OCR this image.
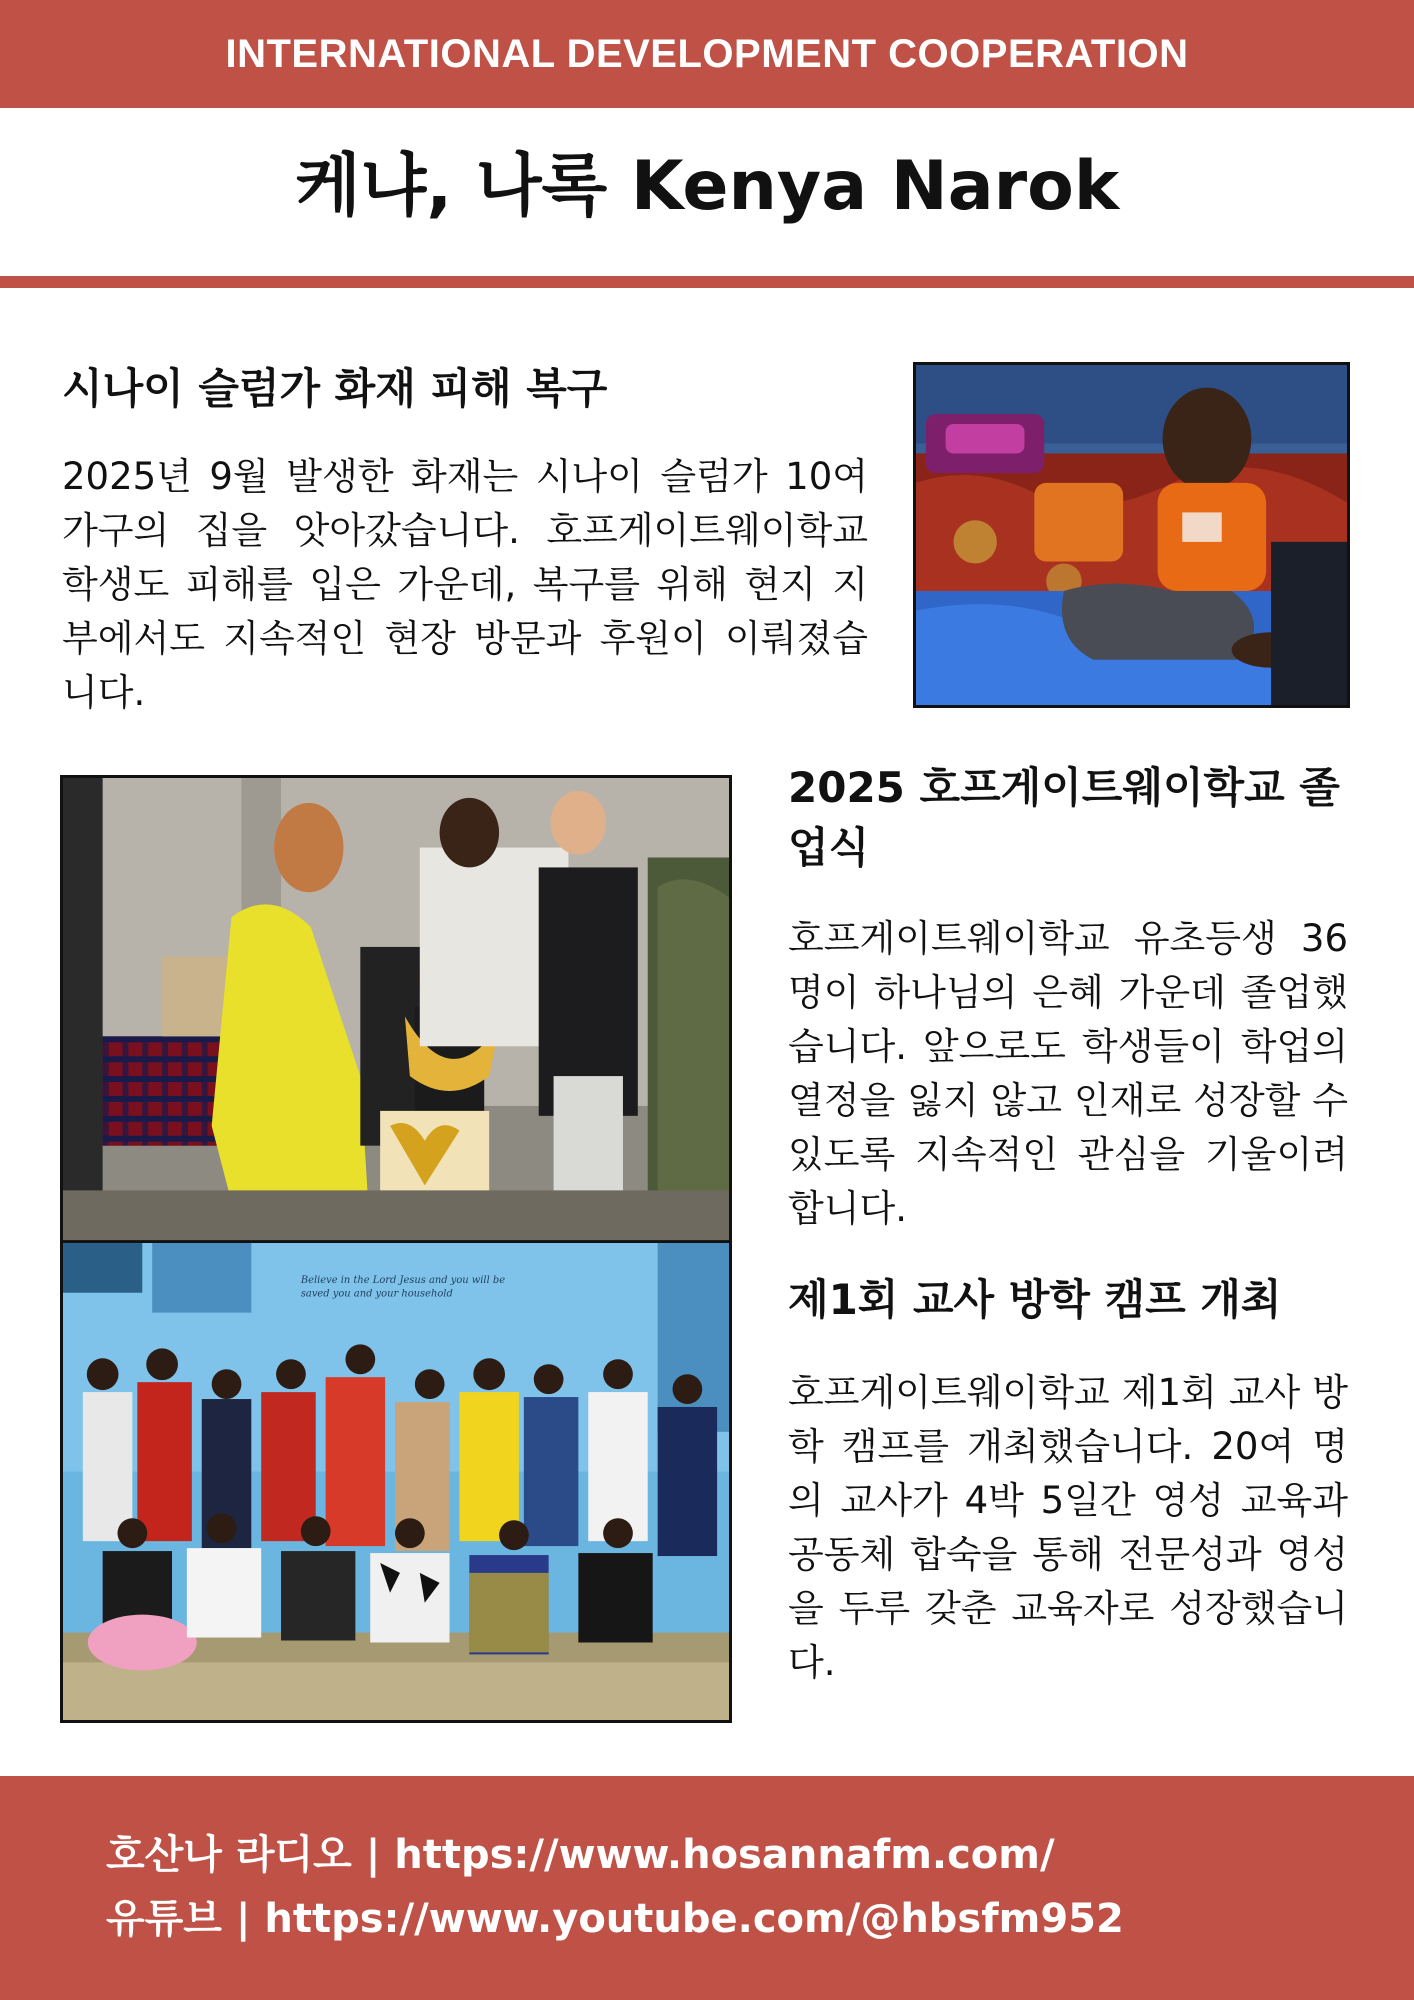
INTERNATIONAL DEVELOPMENT COOPERATION
케냐, 나록 Kenya Narok
시나이 슬럼가 화재 피해 복구
2025년 9월 발생한 화재는 시나이 슬럼가 10여 가구의 집을 앗아갔습니다. 호프게이트웨이학교 학생도 피해를 입은 가운데, 복구를 위해 현지 지부에서도 지속적인 현장 방문과 후원이 이뤄졌습니다.
2025 호프게이트웨이학교 졸업식
호프게이트웨이학교 유초등생 36명이 하나님의 은혜 가운데 졸업했습니다. 앞으로도 학생들이 학업의 열정을 잃지 않고 인재로 성장할 수 있도록 지속적인 관심을 기울이려 합니다.
제1회 교사 방학 캠프 개최
호프게이트웨이학교 제1회 교사 방학 캠프를 개최했습니다. 20여 명의 교사가 4박 5일간 영성 교육과 공동체 합숙을 통해 전문성과 영성을 두루 갖춘 교육자로 성장했습니다.
Believe in the Lord Jesus and you will be
saved you and your household
호산나 라디오 | https://www.hosannafm.com/
유튜브 | https://www.youtube.com/@hbsfm952
